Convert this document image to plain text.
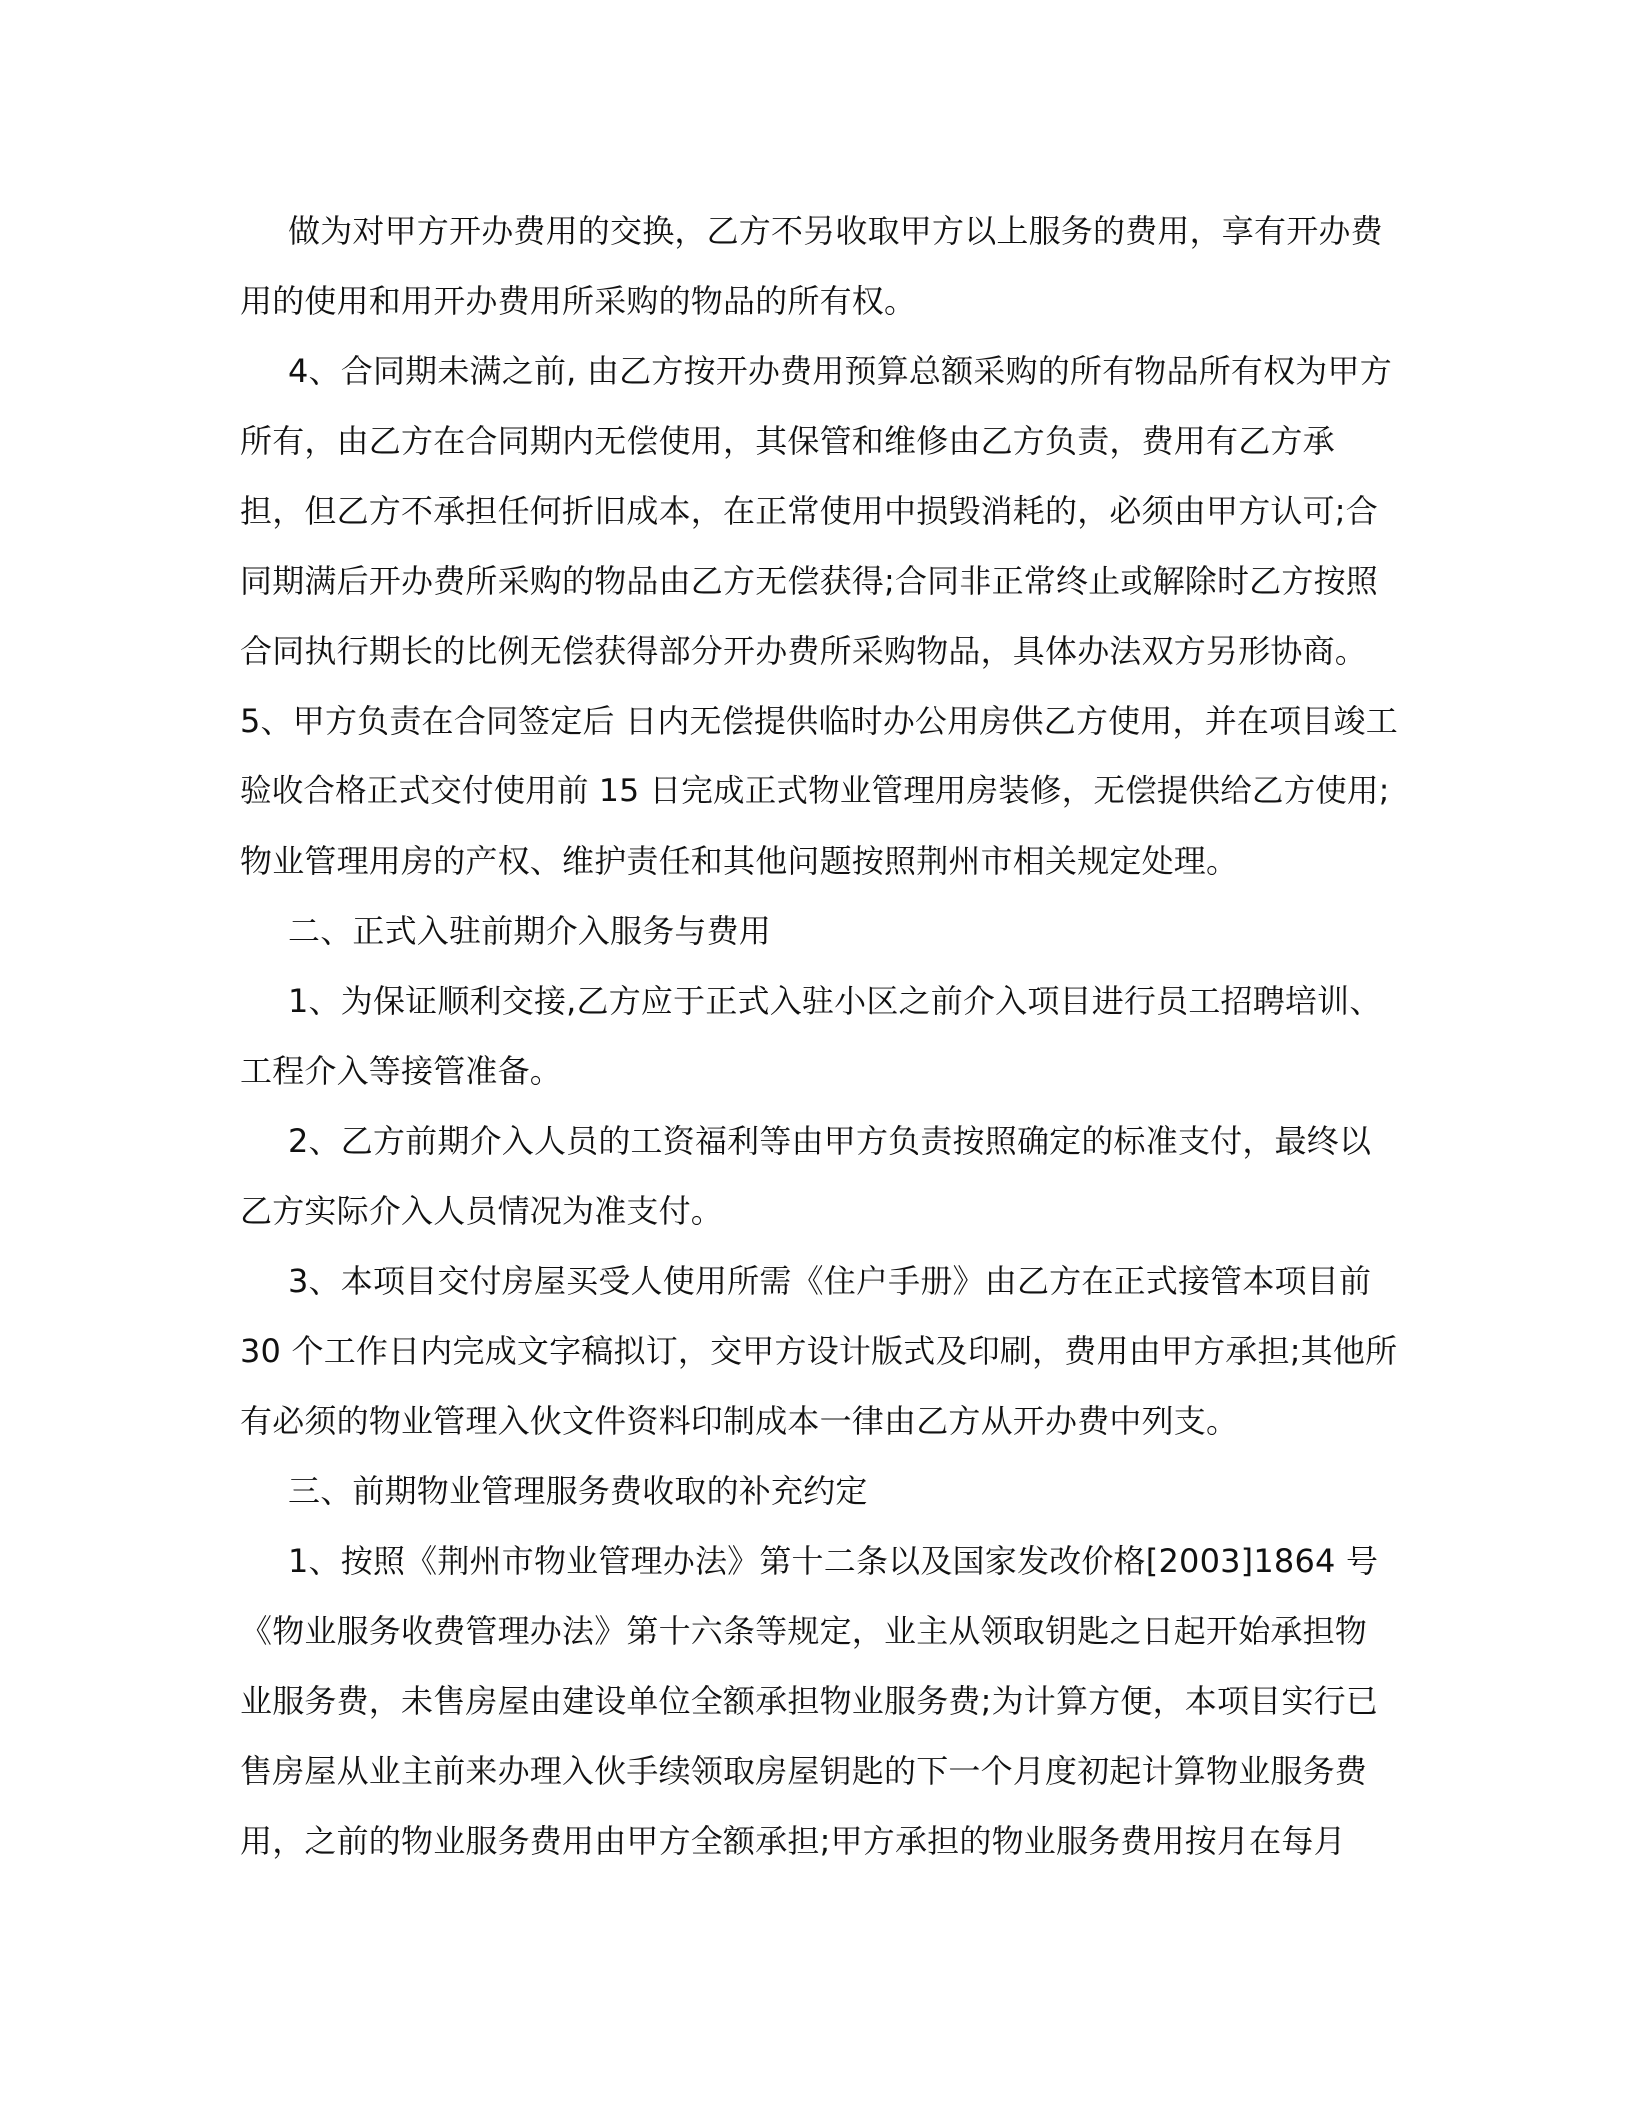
做为对甲方开办费用的交换，乙方不另收取甲方以上服务的费用，享有开办费
用的使用和用开办费用所采购的物品的所有权。
4、合同期未满之前, 由乙方按开办费用预算总额采购的所有物品所有权为甲方
所有，由乙方在合同期内无偿使用，其保管和维修由乙方负责，费用有乙方承
担，但乙方不承担任何折旧成本，在正常使用中损毁消耗的，必须由甲方认可;合
同期满后开办费所采购的物品由乙方无偿获得;合同非正常终止或解除时乙方按照
合同执行期长的比例无偿获得部分开办费所采购物品，具体办法双方另形协商。
5、甲方负责在合同签定后 日内无偿提供临时办公用房供乙方使用，并在项目竣工
验收合格正式交付使用前 15 日完成正式物业管理用房装修，无偿提供给乙方使用;
物业管理用房的产权、维护责任和其他问题按照荆州市相关规定处理。
二、正式入驻前期介入服务与费用
1、为保证顺利交接,乙方应于正式入驻小区之前介入项目进行员工招聘培训、
工程介入等接管准备。
2、乙方前期介入人员的工资福利等由甲方负责按照确定的标准支付，最终以
乙方实际介入人员情况为准支付。
3、本项目交付房屋买受人使用所需《住户手册》由乙方在正式接管本项目前
30 个工作日内完成文字稿拟订，交甲方设计版式及印刷，费用由甲方承担;其他所
有必须的物业管理入伙文件资料印制成本一律由乙方从开办费中列支。
三、前期物业管理服务费收取的补充约定
1、按照《荆州市物业管理办法》第十二条以及国家发改价格[2003]1864 号
《物业服务收费管理办法》第十六条等规定，业主从领取钥匙之日起开始承担物
业服务费，未售房屋由建设单位全额承担物业服务费;为计算方便，本项目实行已
售房屋从业主前来办理入伙手续领取房屋钥匙的下一个月度初起计算物业服务费
用，之前的物业服务费用由甲方全额承担;甲方承担的物业服务费用按月在每月
